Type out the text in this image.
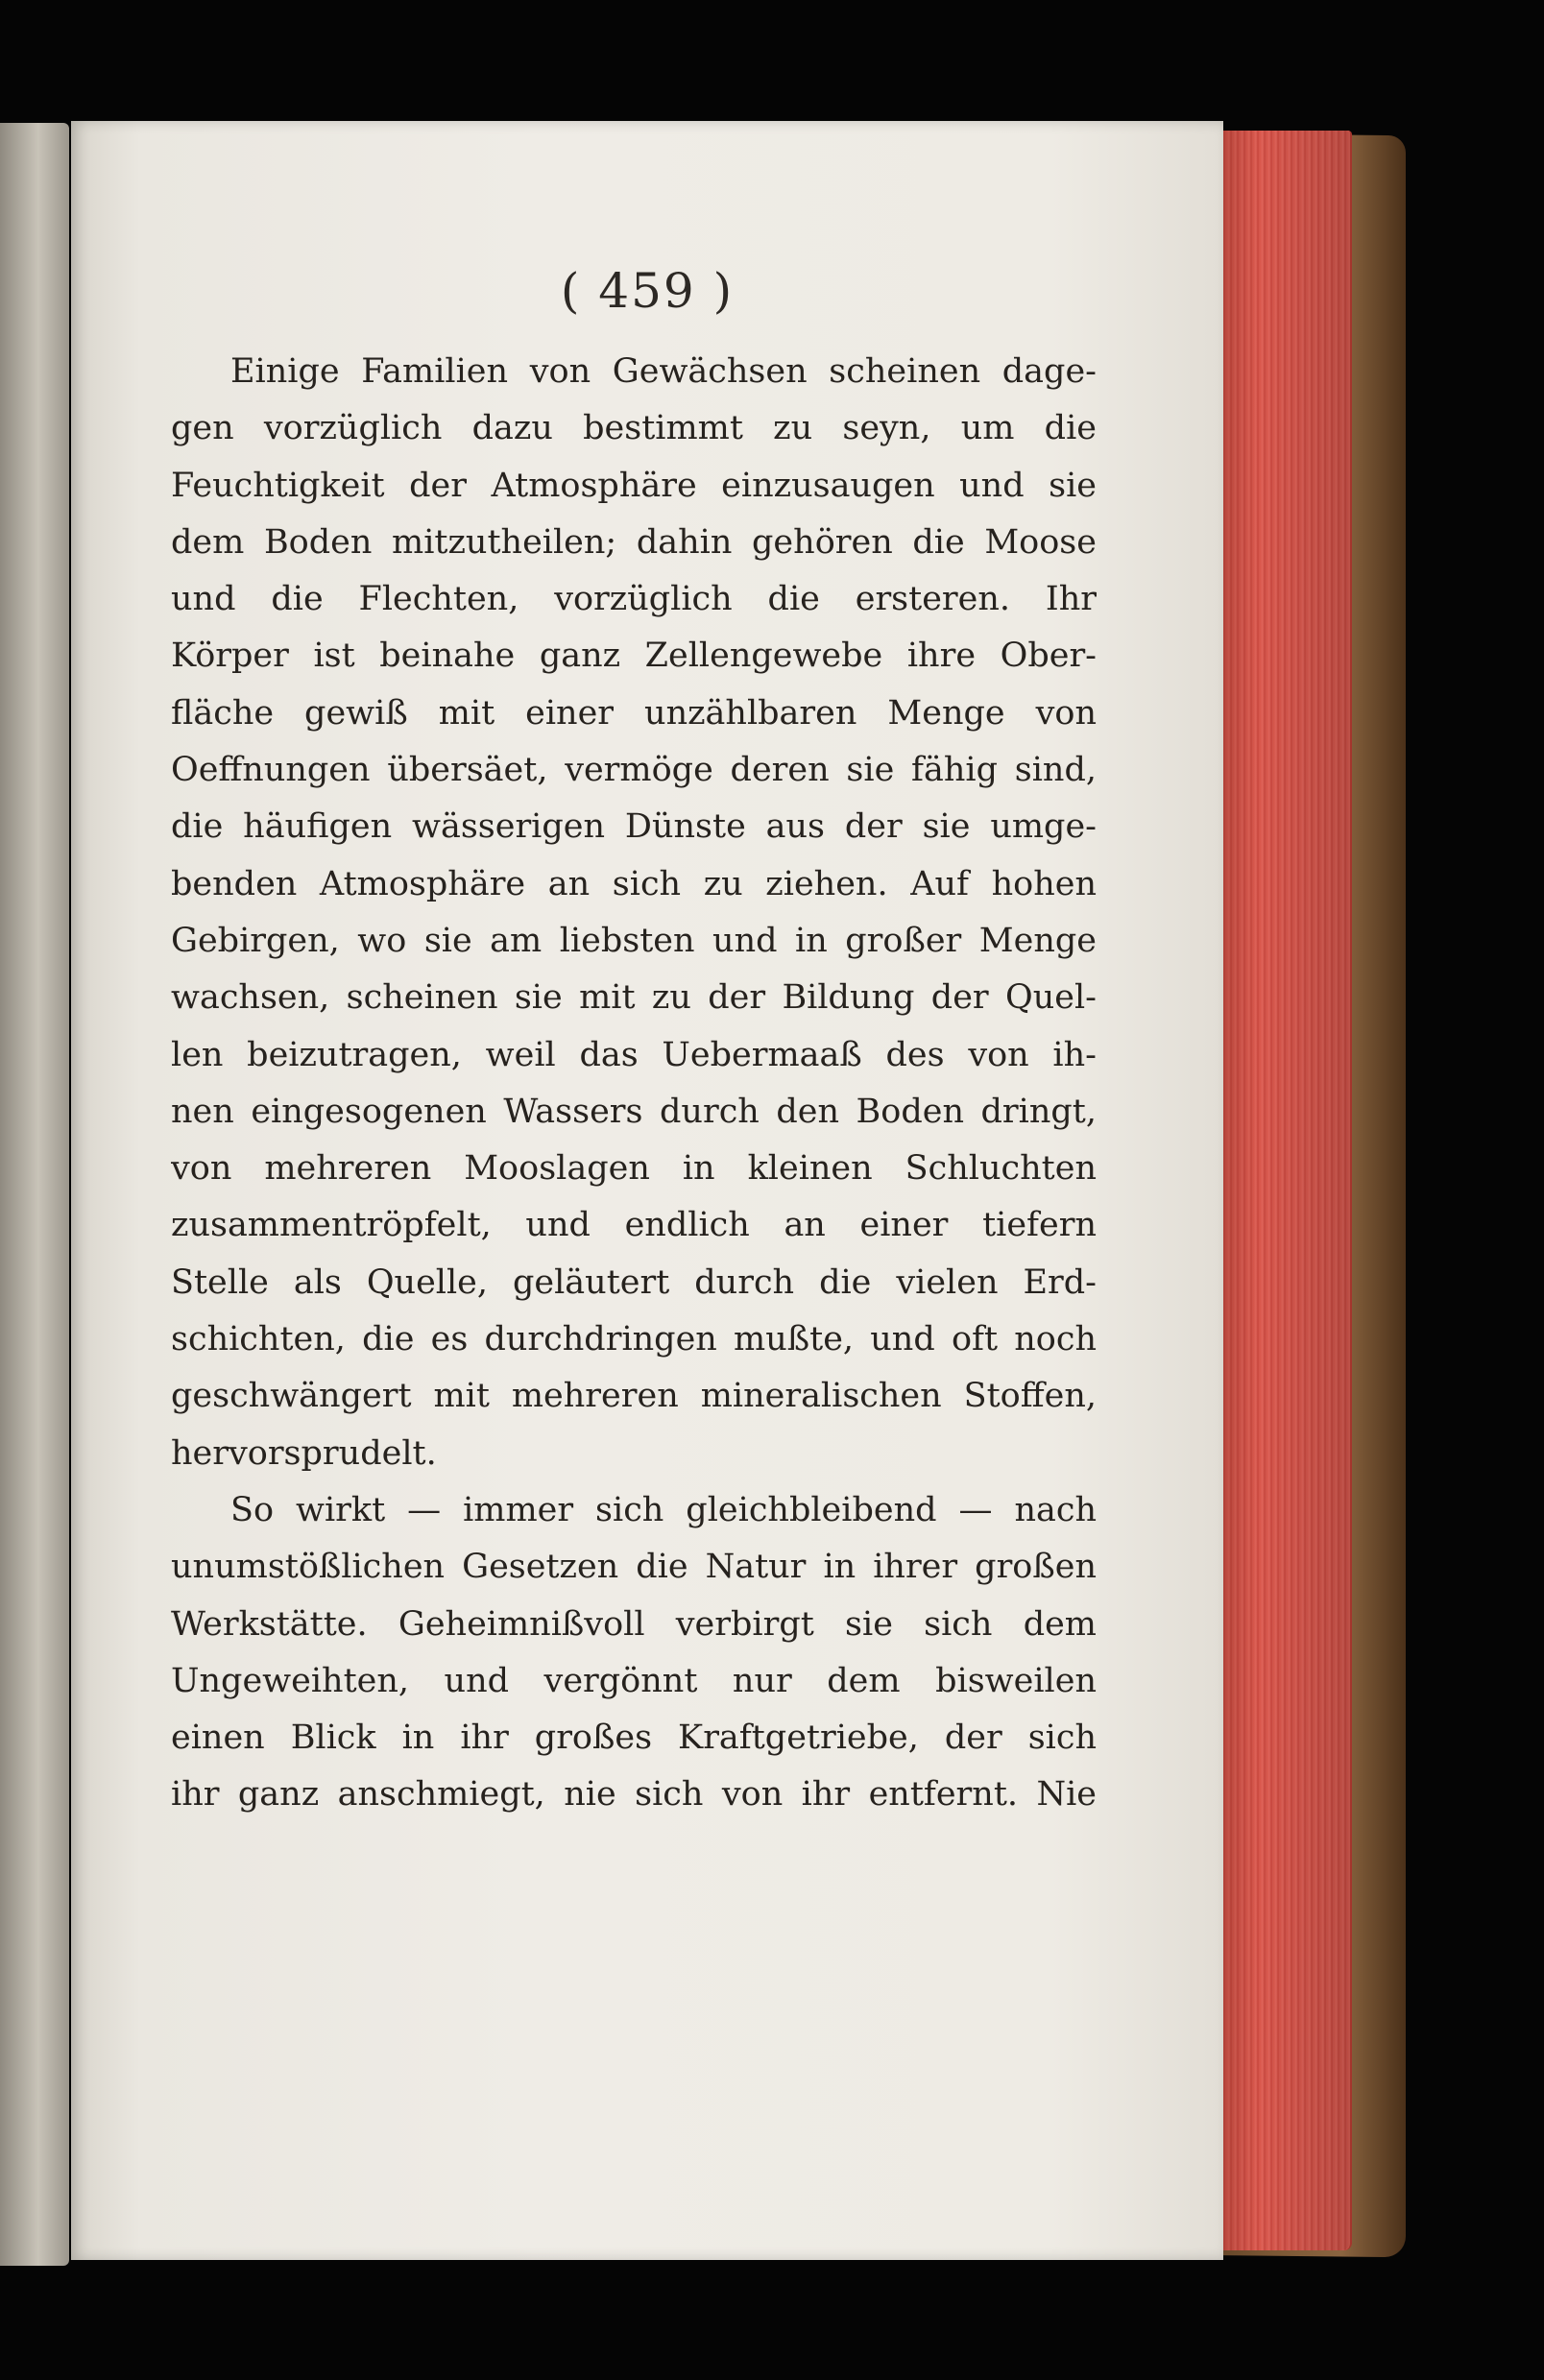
( 459 )
Einige Familien von Gewächsen scheinen dage-
gen vorzüglich dazu bestimmt zu seyn, um die
Feuchtigkeit der Atmosphäre einzusaugen und sie
dem Boden mitzutheilen; dahin gehören die Moose
und die Flechten, vorzüglich die ersteren. Ihr
Körper ist beinahe ganz Zellengewebe ihre Ober-
fläche gewiß mit einer unzählbaren Menge von
Oeffnungen übersäet, vermöge deren sie fähig sind,
die häufigen wässerigen Dünste aus der sie umge-
benden Atmosphäre an sich zu ziehen. Auf hohen
Gebirgen, wo sie am liebsten und in großer Menge
wachsen, scheinen sie mit zu der Bildung der Quel-
len beizutragen, weil das Uebermaaß des von ih-
nen eingesogenen Wassers durch den Boden dringt,
von mehreren Mooslagen in kleinen Schluchten
zusammentröpfelt, und endlich an einer tiefern
Stelle als Quelle, geläutert durch die vielen Erd-
schichten, die es durchdringen mußte, und oft noch
geschwängert mit mehreren mineralischen Stoffen,
hervorsprudelt.
So wirkt — immer sich gleichbleibend — nach
unumstößlichen Gesetzen die Natur in ihrer großen
Werkstätte. Geheimnißvoll verbirgt sie sich dem
Ungeweihten, und vergönnt nur dem bisweilen
einen Blick in ihr großes Kraftgetriebe, der sich
ihr ganz anschmiegt, nie sich von ihr entfernt. Nie
